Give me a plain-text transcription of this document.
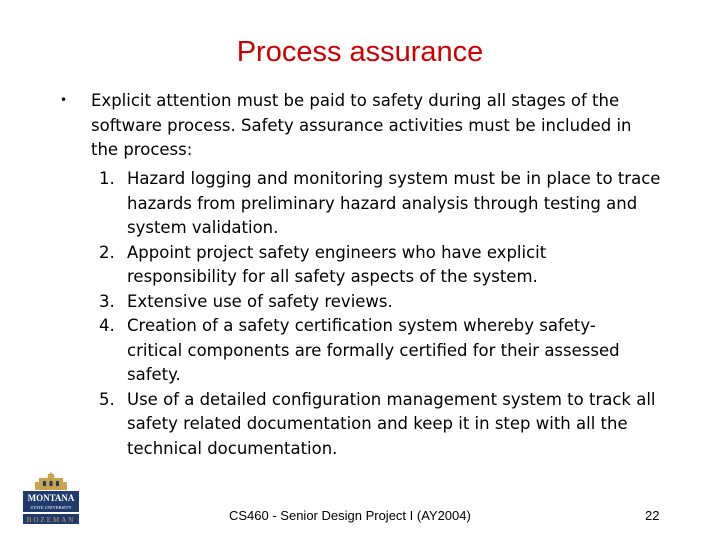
Process assurance
• Explicit attention must be paid to safety during all stages of the
software process. Safety assurance activities must be included in
the process:
1. Hazard logging and monitoring system must be in place to trace
hazards from preliminary hazard analysis through testing and
system validation.
2. Appoint project safety engineers who have explicit
responsibility for all safety aspects of the system.
3. Extensive use of safety reviews.
4. Creation of a safety certification system whereby safety-
critical components are formally certified for their assessed
safety.
5. Use of a detailed configuration management system to track all
safety related documentation and keep it in step with all the
technical documentation.
MONTANA
STATE UNIVERSITY
BOZEMAN	CS460 - Senior Design Project I (AY2004)	22
